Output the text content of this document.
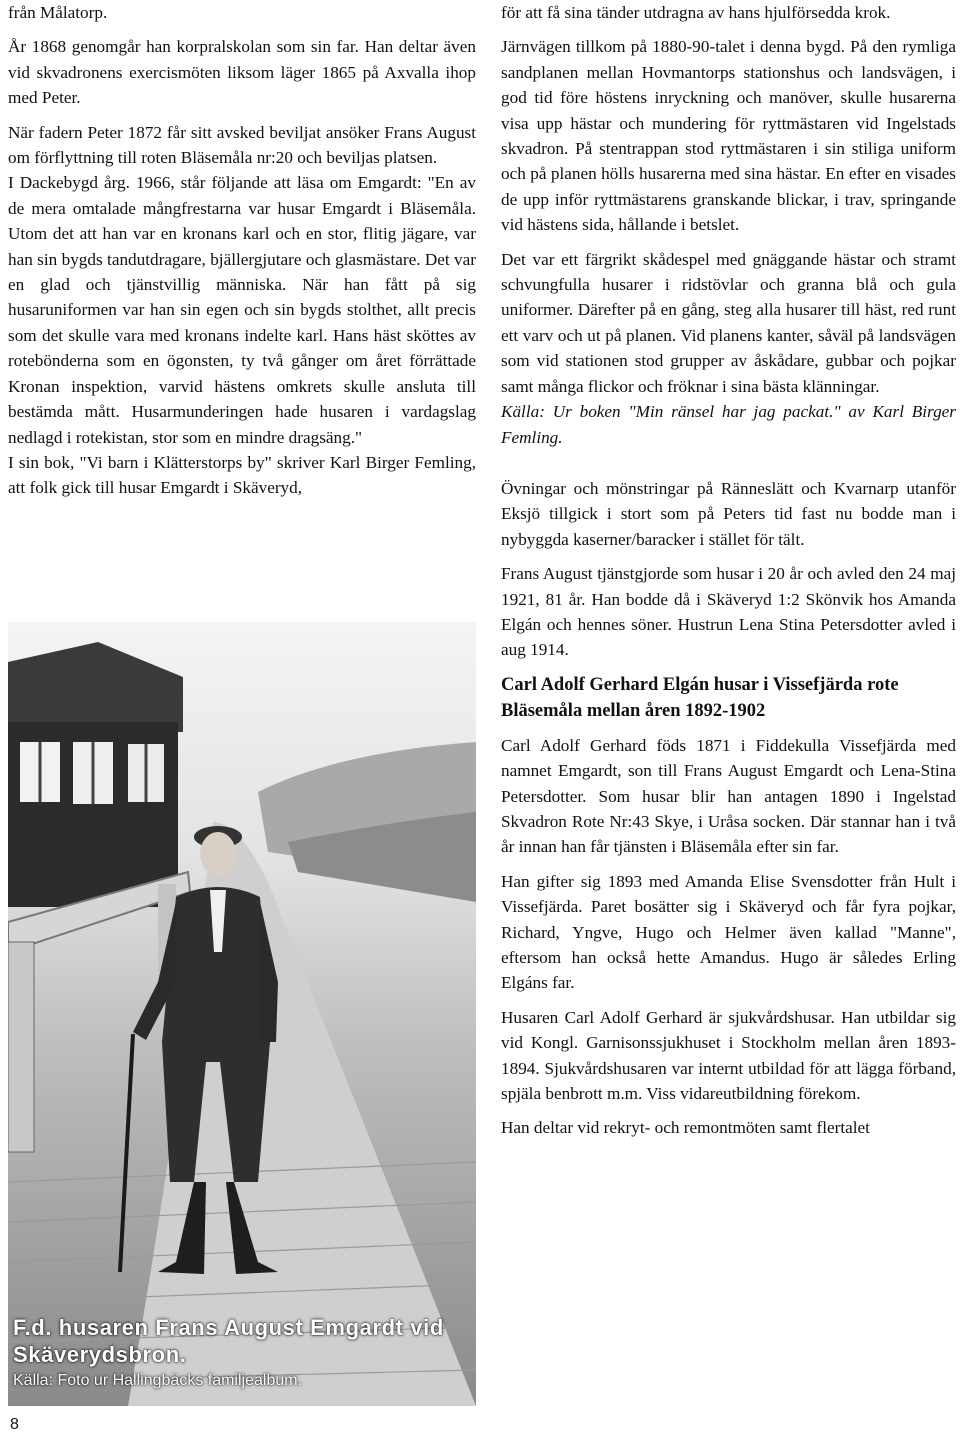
från Målatorp.

År 1868 genomgår han korpralskolan som sin far. Han deltar även vid skvadronens exercismöten liksom läger 1865 på Axvalla ihop med Peter.

När fadern Peter 1872 får sitt avsked beviljat ansöker Frans August om förflyttning till roten Bläsemåla nr:20 och beviljas platsen.

I Dackebygd årg. 1966, står följande att läsa om Emgardt: "En av de mera omtalade mångfrestarna var husar Emgardt i Bläsemåla. Utom det att han var en kronans karl och en stor, flitig jägare, var han sin bygds tandutdragare, bjällergjutare och glasmästare. Det var en glad och tjänstvillig människa. När han fått på sig husaruniformen var han sin egen och sin bygds stolthet, allt precis som det skulle vara med kronans indelte karl. Hans häst sköttes av rotebönderna som en ögonsten, ty två gånger om året förrättade Kronan inspektion, varvid hästens omkrets skulle ansluta till bestämda mått. Husarmunderingen hade husaren i vardagslag nedlagd i rotekistan, stor som en mindre dragsäng."

I sin bok, "Vi barn i Klätterstorps by" skriver Karl Birger Femling, att folk gick till husar Emgardt i Skäveryd,

F.d. husaren Frans August Emgardt vid Skäverydsbron.
Källa: Foto ur Hallingbäcks familjealbum.
8

för att få sina tänder utdragna av hans hjulförsedda krok.

Järnvägen tillkom på 1880-90-talet i denna bygd. På den rymliga sandplanen mellan Hovmantorps stationshus och landsvägen, i god tid före höstens inryckning och manöver, skulle husarerna visa upp hästar och mundering för ryttmästaren vid Ingelstads skvadron. På stentrappan stod ryttmästaren i sin stiliga uniform och på planen hölls husarerna med sina hästar. En efter en visades de upp inför ryttmästarens granskande blickar, i trav, springande vid hästens sida, hållande i betslet.

Det var ett färgrikt skådespel med gnäggande hästar och stramt schvungfulla husarer i ridstövlar och granna blå och gula uniformer. Därefter på en gång, steg alla husarer till häst, red runt ett varv och ut på planen. Vid planens kanter, såväl på landsvägen som vid stationen stod grupper av åskådare, gubbar och pojkar samt många flickor och fröknar i sina bästa klänningar.

Källa: Ur boken "Min ränsel har jag packat." av Karl Birger Femling.

Övningar och mönstringar på Ränneslätt och Kvarnarp utanför Eksjö tillgick i stort som på Peters tid fast nu bodde man i nybyggda kaserner/baracker i stället för tält.

Frans August tjänstgjorde som husar i 20 år och avled den 24 maj 1921, 81 år. Han bodde då i Skäveryd 1:2 Skönvik hos Amanda Elgán och hennes söner. Hustrun Lena Stina Petersdotter avled i aug 1914.

Carl Adolf Gerhard Elgán husar i Vissefjärda rote Bläsemåla mellan åren 1892-1902

Carl Adolf Gerhard föds 1871 i Fiddekulla Vissefjärda med namnet Emgardt, son till Frans August Emgardt och Lena-Stina Petersdotter. Som husar blir han antagen 1890 i Ingelstad Skvadron Rote Nr:43 Skye, i Uråsa socken. Där stannar han i två år innan han får tjänsten i Bläsemåla efter sin far.

Han gifter sig 1893 med Amanda Elise Svensdotter från Hult i Vissefjärda. Paret bosätter sig i Skäveryd och får fyra pojkar, Richard, Yngve, Hugo och Helmer även kallad "Manne", eftersom han också hette Amandus. Hugo är således Erling Elgáns far.

Husaren Carl Adolf Gerhard är sjukvårdshusar. Han utbildar sig vid Kongl. Garnisonssjukhuset i Stockholm mellan åren 1893-1894. Sjukvårdshusaren var internt utbildad för att lägga förband, spjäla benbrott m.m. Viss vidareutbildning förekom.

Han deltar vid rekryt- och remontmöten samt flertalet
